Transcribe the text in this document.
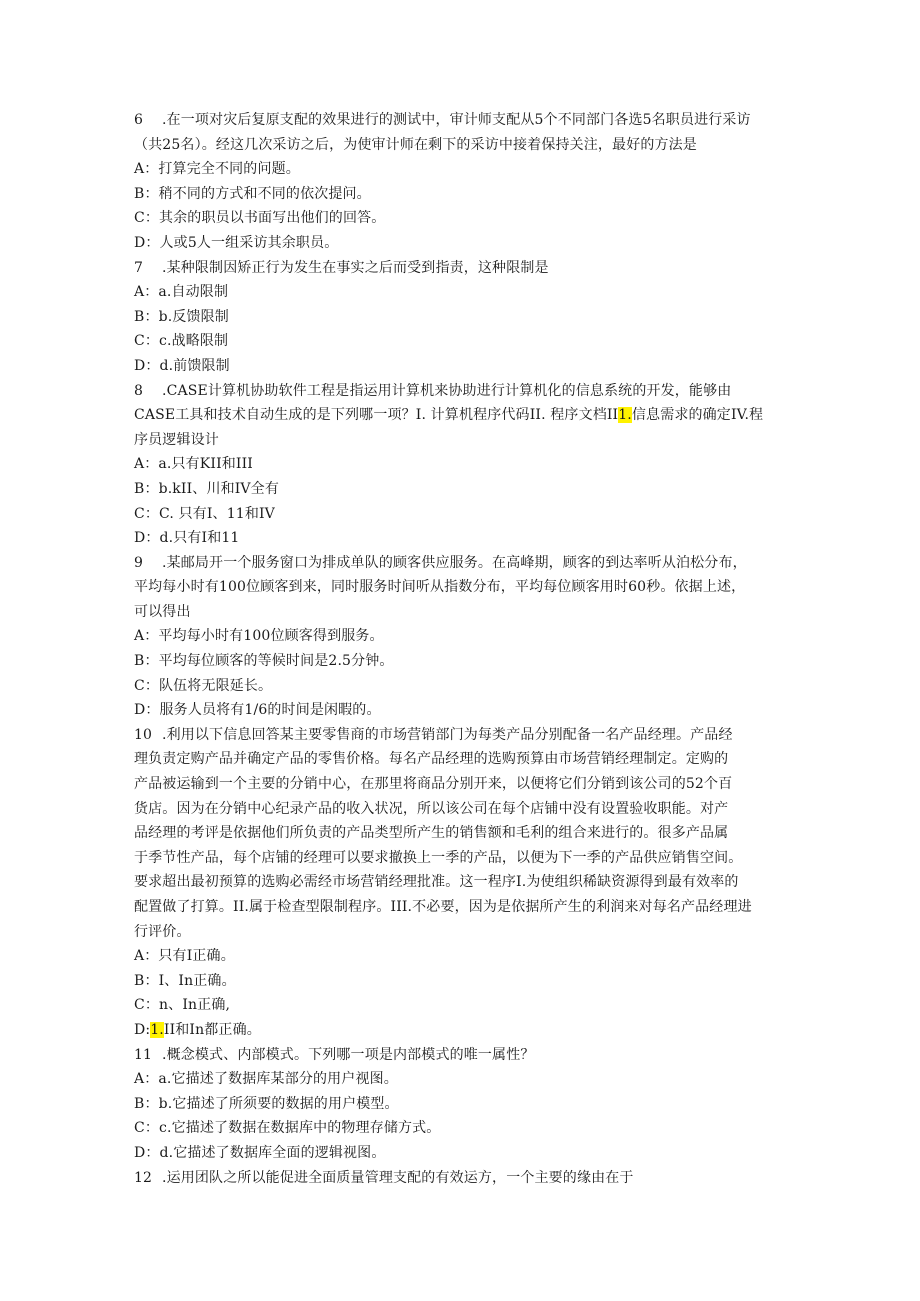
6 .在一项对灾后复原支配的效果进行的测试中，审计师支配从5个不同部门各选5名职员进行采访
（共25名）。经这几次采访之后，为使审计师在剩下的采访中接着保持关注，最好的方法是
A：打算完全不同的问题。
B：稍不同的方式和不同的依次提问。
C：其余的职员以书面写出他们的回答。
D：人或5人一组采访其余职员。
7 .某种限制因矫正行为发生在事实之后而受到指责，这种限制是
A：a.自动限制
B：b.反馈限制
C：c.战略限制
D：d.前馈限制
8 .CASE计算机协助软件工程是指运用计算机来协助进行计算机化的信息系统的开发，能够由
CASE工具和技术自动生成的是下列哪一项？I. 计算机程序代码II. 程序文档II1.信息需求的确定IV.程
序员逻辑设计
A：a.只有KII和III
B：b.kII、川和IV全有
C：C. 只有I、11和IV
D：d.只有I和11
9 .某邮局开一个服务窗口为排成单队的顾客供应服务。在高峰期，顾客的到达率听从泊松分布，
平均每小时有100位顾客到来，同时服务时间听从指数分布，平均每位顾客用时60秒。依据上述，
可以得出
A：平均每小时有100位顾客得到服务。
B：平均每位顾客的等候时间是2.5分钟。
C：队伍将无限延长。
D：服务人员将有1/6的时间是闲暇的。
10 .利用以下信息回答某主要零售商的市场营销部门为每类产品分别配备一名产品经理。产品经
理负责定购产品并确定产品的零售价格。每名产品经理的选购预算由市场营销经理制定。定购的
产品被运输到一个主要的分销中心，在那里将商品分别开来，以便将它们分销到该公司的52个百
货店。因为在分销中心纪录产品的收入状况，所以该公司在每个店铺中没有设置验收职能。对产
品经理的考评是依据他们所负责的产品类型所产生的销售额和毛利的组合来进行的。很多产品属
于季节性产品，每个店铺的经理可以要求撤换上一季的产品，以便为下一季的产品供应销售空间。
要求超出最初预算的选购必需经市场营销经理批准。这一程序I.为使组织稀缺资源得到最有效率的
配置做了打算。II.属于检查型限制程序。III.不必要，因为是依据所产生的利润来对每名产品经理进
行评价。
A：只有I正确。
B：I、In正确。
C：n、In正确,
D:1.II和In都正确。
11 .概念模式、内部模式。下列哪一项是内部模式的唯一属性？
A：a.它描述了数据库某部分的用户视图。
B：b.它描述了所须要的数据的用户模型。
C：c.它描述了数据在数据库中的物理存储方式。
D：d.它描述了数据库全面的逻辑视图。
12 .运用团队之所以能促进全面质量管理支配的有效运方，一个主要的缘由在于
